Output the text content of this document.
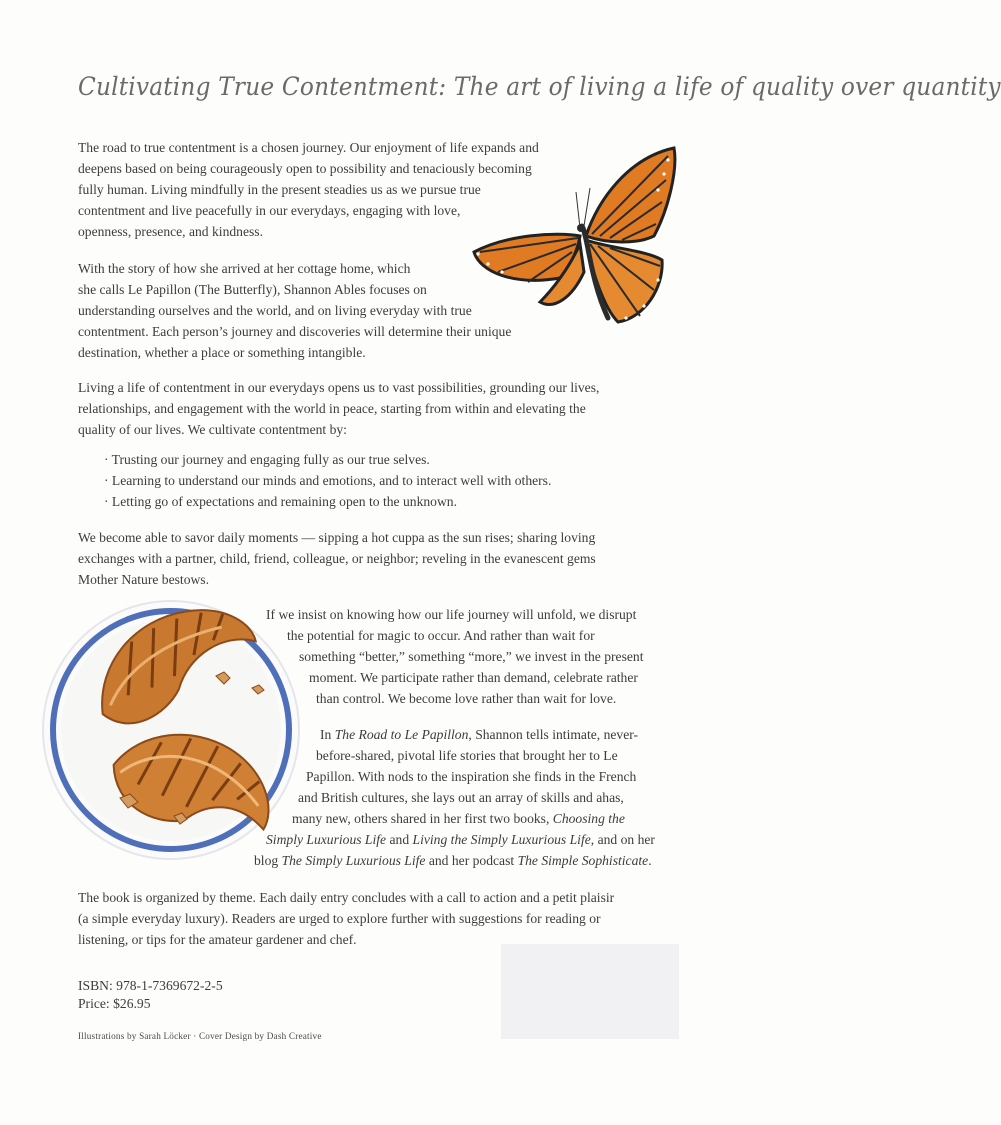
Cultivating True Contentment: The art of living a life of quality over quantity
The road to true contentment is a chosen journey. Our enjoyment of life expands and
deepens based on being courageously open to possibility and tenaciously becoming
fully human. Living mindfully in the present steadies us as we pursue true
contentment and live peacefully in our everydays, engaging with love,
openness, presence, and kindness.
With the story of how she arrived at her cottage home, which
she calls Le Papillon (The Butterfly), Shannon Ables focuses on
understanding ourselves and the world, and on living everyday with true
contentment. Each person’s journey and discoveries will determine their unique
destination, whether a place or something intangible.
Living a life of contentment in our everydays opens us to vast possibilities, grounding our lives,
relationships, and engagement with the world in peace, starting from within and elevating the
quality of our lives. We cultivate contentment by:
· Trusting our journey and engaging fully as our true selves.
· Learning to understand our minds and emotions, and to interact well with others.
· Letting go of expectations and remaining open to the unknown.
We become able to savor daily moments — sipping a hot cuppa as the sun rises; sharing loving
exchanges with a partner, child, friend, colleague, or neighbor; reveling in the evanescent gems
Mother Nature bestows.
If we insist on knowing how our life journey will unfold, we disrupt
the potential for magic to occur. And rather than wait for
something “better,” something “more,” we invest in the present
moment. We participate rather than demand, celebrate rather
than control. We become love rather than wait for love.
In The Road to Le Papillon, Shannon tells intimate, never-
before-shared, pivotal life stories that brought her to Le
Papillon. With nods to the inspiration she finds in the French
and British cultures, she lays out an array of skills and ahas,
many new, others shared in her first two books, Choosing the
Simply Luxurious Life and Living the Simply Luxurious Life, and on her
blog The Simply Luxurious Life and her podcast The Simple Sophisticate.
The book is organized by theme. Each daily entry concludes with a call to action and a petit plaisir
(a simple everyday luxury). Readers are urged to explore further with suggestions for reading or
listening, or tips for the amateur gardener and chef.
ISBN: 978-1-7369672-2-5
Price: $26.95
Illustrations by Sarah Löcker · Cover Design by Dash Creative
